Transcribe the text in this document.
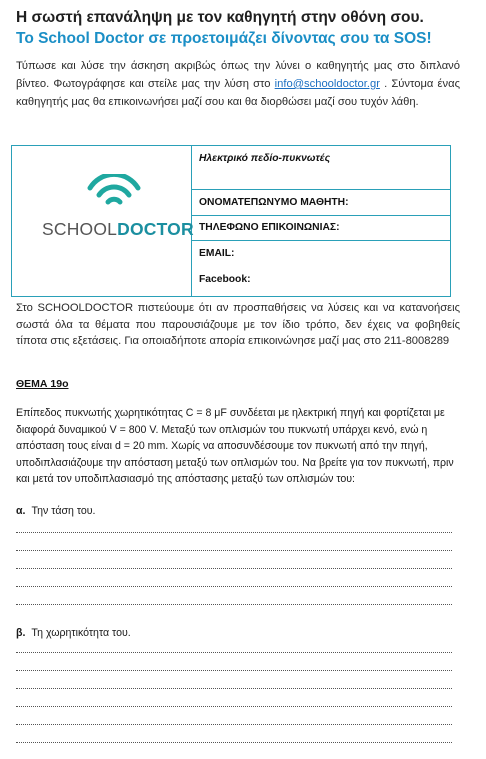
Η σωστή επανάληψη με τον καθηγητή στην οθόνη σου.
Το School Doctor σε προετοιμάζει δίνοντας σου τα SOS!
Τύπωσε και λύσε την άσκηση ακριβώς όπως την λύνει ο καθηγητής μας στο διπλανό βίντεο. Φωτογράφησε και στείλε μας την λύση στο info@schooldoctor.gr . Σύντομα ένας καθηγητής μας θα επικοινωνήσει μαζί σου και θα διορθώσει μαζί σου τυχόν λάθη.
SCHOOLDOCTOR
Ηλεκτρικό πεδίο-πυκνωτές
ΟΝΟΜΑΤΕΠΩΝΥΜΟ ΜΑΘΗΤΗ:
ΤΗΛΕΦΩΝΟ ΕΠΙΚΟΙΝΩΝΙΑΣ:
EMAIL:
Facebook:
Στο SCHOOLDOCTOR πιστεύουμε ότι αν προσπαθήσεις να λύσεις και να κατανοήσεις σωστά όλα τα θέματα που παρουσιάζουμε με τον ίδιο τρόπο, δεν έχεις να φοβηθείς τίποτα στις εξετάσεις. Για οποιαδήποτε απορία επικοινώνησε μαζί μας στο 211-8008289
ΘΕΜΑ 19ο
Επίπεδος πυκνωτής χωρητικότητας C = 8 μF συνδέεται με ηλεκτρική πηγή και φορτίζεται με διαφορά δυναμικού V = 800 V. Μεταξύ των οπλισμών του πυκνωτή υπάρχει κενό, ενώ η απόσταση τους είναι d = 20 mm. Χωρίς να αποσυνδέσουμε τον πυκνωτή από την πηγή, υποδιπλασιάζουμε την απόσταση μεταξύ των οπλισμών του. Να βρείτε για τον πυκνωτή, πριν και μετά τον υποδιπλασιασμό της απόστασης μεταξύ των οπλισμών του:
α. Την τάση του.
β. Τη χωρητικότητα του.
